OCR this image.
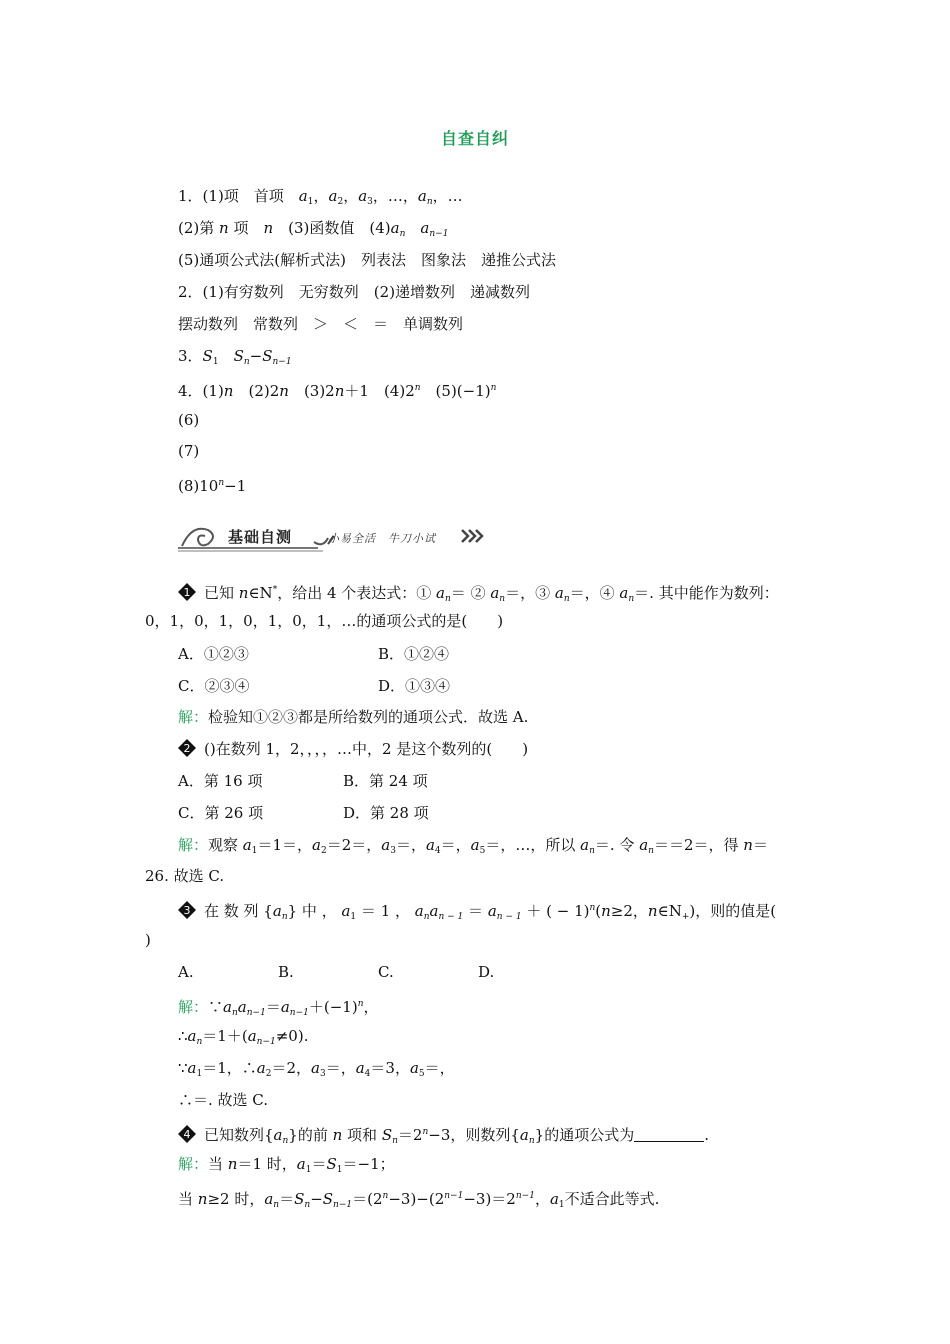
自查自纠
1．(1)项　首项　$a_1$，$a_2$，$a_3$，…，$a_n$，…
(2)第 n 项　n　(3)函数值　$(4)a_n$　 $a_{n-1}$
(5)通项公式法(解析式法)　列表法　图象法　递推公式法
2．(1)有穷数列　无穷数列　(2)递增数列　递减数列
摆动数列　常数列　＞　＜　＝　单调数列
3．$S_1$　 $S_n-S_{n-1}$
4．(1)n　(2)2n　(3)2n＋1　(4)2$^n$　$(5)(-1)^n$
(6)
(7)
$(8)10^n-1$
基础自测	小易全活　牛刀小试
1 已知 n∈N*，给出 4 个表达式：① $a_n=$ ② $a_n=$，③ $a_n=$，④ $a_n=$. 其中能作为数列：
0，1，0，1，0，1，0，1，…的通项公式的是(　　)
A．①②③	B．①②④
C．②③④	D．①③④
解：检验知①②③都是所给数列的通项公式．故选 A.
2 ()在数列 1，2，，，，…中，2 是这个数列的(　　)
A．第 16 项	B．第 24 项
C．第 26 项	D．第 28 项
解：观察 $a_1=1=$，$a_2=2=$，$a_3=$，$a_4=$，$a_5=$，…，所以 $a_n=$. 令 $a_n==2=$，得 n＝
26. 故选 C.
3 在 数 列 $\{a_n\}$ 中 ， $a_1 = 1$ ， $a_na_{n - 1} = a_{n - 1}$ ＋ ( − 1)$^n$(n≥2，$n\in N_+$)，则的值是(
)
A.	B.	C.	D.
解：$\because a_na_{n-1}=a_{n-1}+(-1)^n$，
$\therefore a_n=1+(a_{n-1}\ne 0)$.
$\because a_1=1$，$\therefore a_2=2$，$a_3=$，$a_4=3$，$a_5=$，
∴＝. 故选 C.
4 已知数列$\{a_n\}$的前 n 项和 $S_n=2^n-3$，则数列$\{a_n\}$的通项公式为	.
解：当 n＝1 时，$a_1=S_1=-1$；
当 n≥2 时，$a_n=S_n-S_{n-1}=(2^n-3)-(2^{n-1}-3)=2^{n-1}$，$a_1$不适合此等式.
